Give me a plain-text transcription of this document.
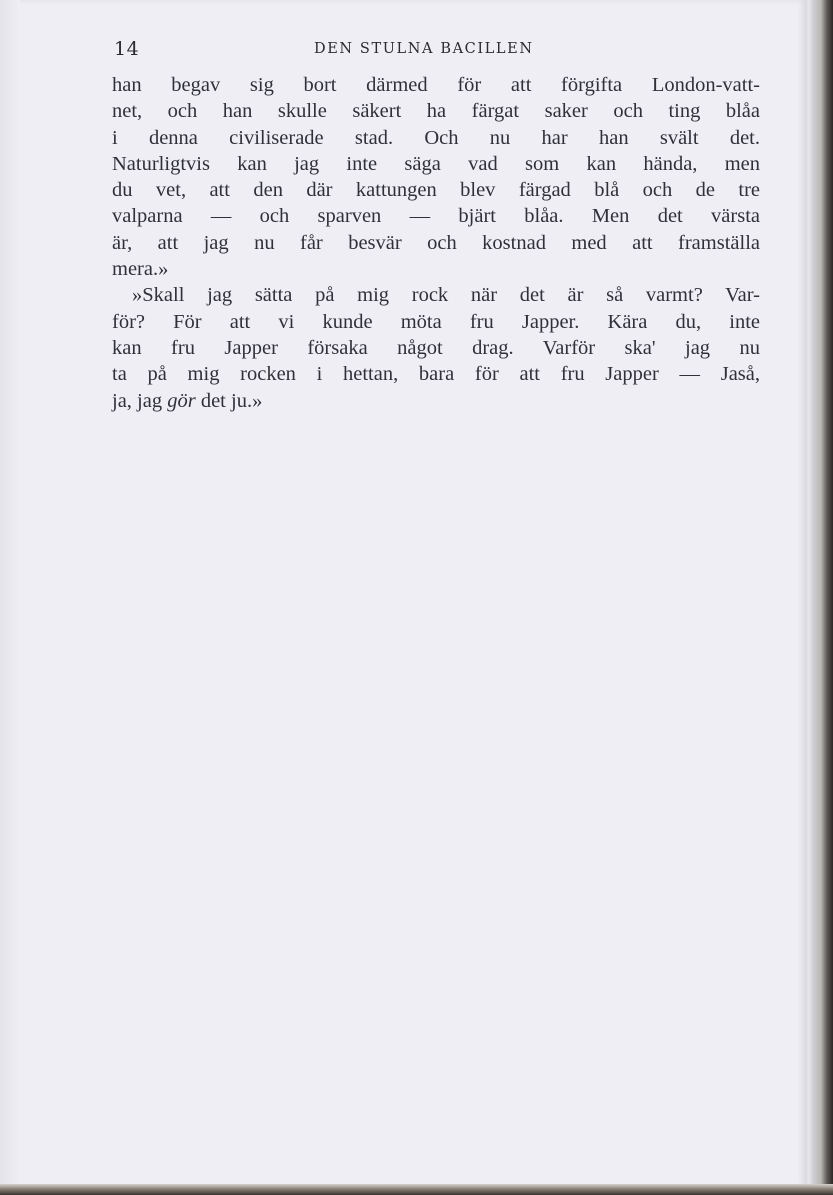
14	DEN STULNA BACILLEN
han begav sig bort därmed för att förgifta London-vatt-
net, och han skulle säkert ha färgat saker och ting blåa
i denna civiliserade stad. Och nu har han svält det.
Naturligtvis kan jag inte säga vad som kan hända, men
du vet, att den där kattungen blev färgad blå och de tre
valparna — och sparven — bjärt blåa. Men det värsta
är, att jag nu får besvär och kostnad med att framställa
mera.»
»Skall jag sätta på mig rock när det är så varmt? Var-
för? För att vi kunde möta fru Japper. Kära du, inte
kan fru Japper försaka något drag. Varför ska' jag nu
ta på mig rocken i hettan, bara för att fru Japper — Jaså,
ja, jag gör det ju.»
